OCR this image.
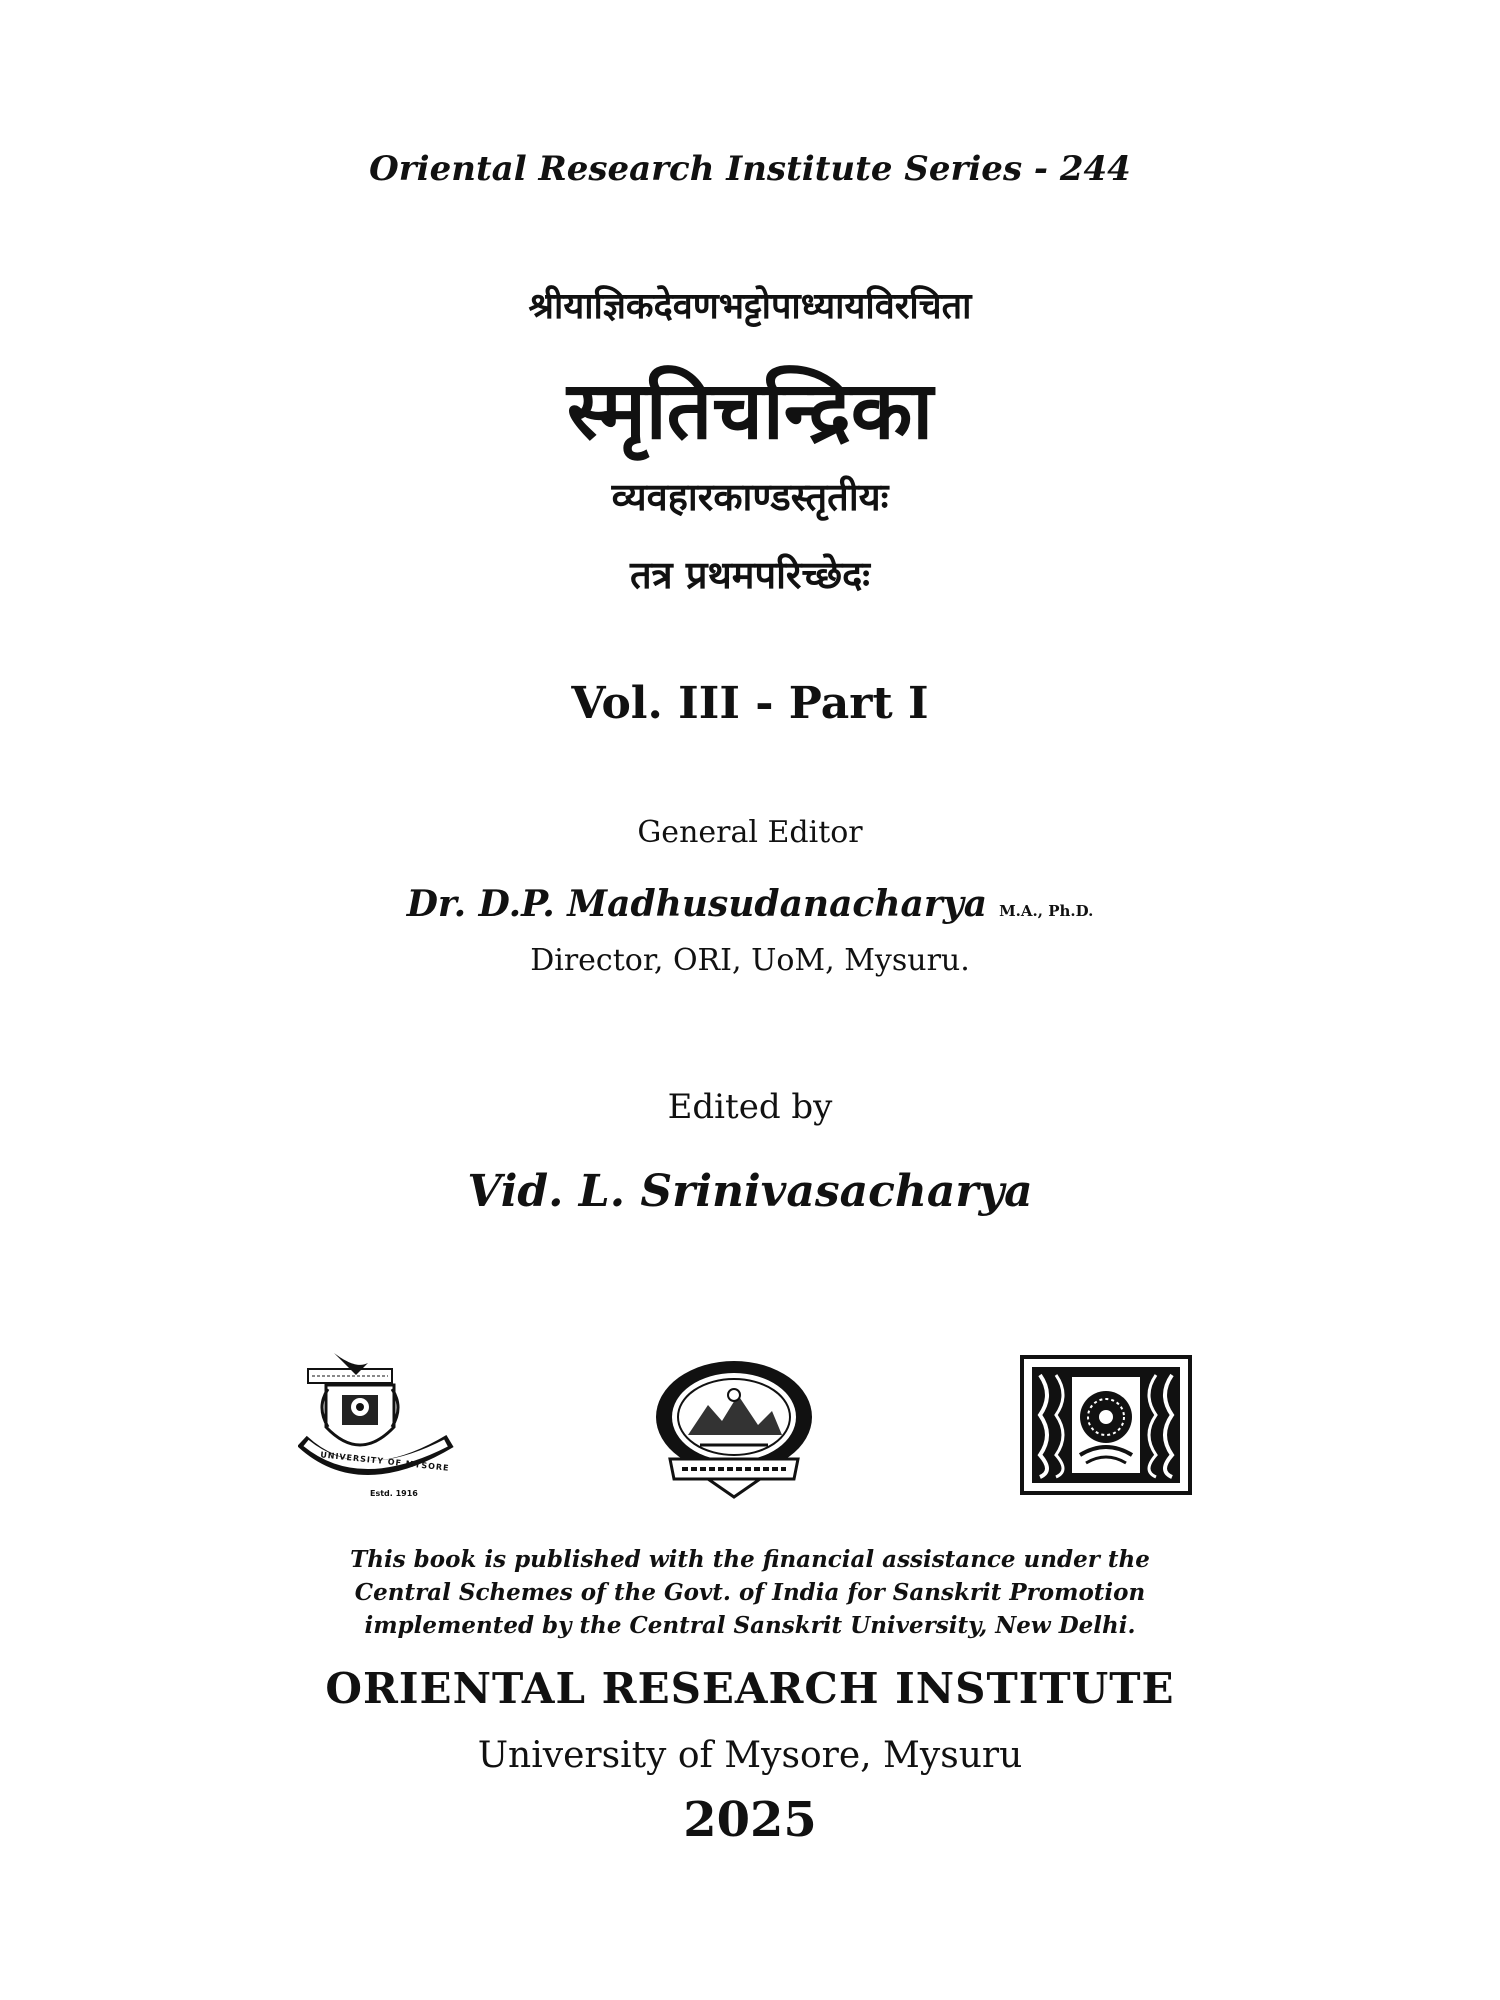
Oriental Research Institute Series - 244
श्रीयाज्ञिकदेवणभट्टोपाध्यायविरचिता
स्मृतिचन्द्रिका
व्यवहारकाण्डस्तृतीयः
तत्र प्रथमपरिच्छेदः
Vol. III - Part I
General Editor
Dr. D.P. Madhusudanacharya M.A., Ph.D.
Director, ORI, UoM, Mysuru.
Edited by
Vid. L. Srinivasacharya
UNIVERSITY OF MYSORE
Estd. 1916
This book is published with the financial assistance under the
Central Schemes of the Govt. of India for Sanskrit Promotion
implemented by the Central Sanskrit University, New Delhi.
ORIENTAL RESEARCH INSTITUTE
University of Mysore, Mysuru
2025
